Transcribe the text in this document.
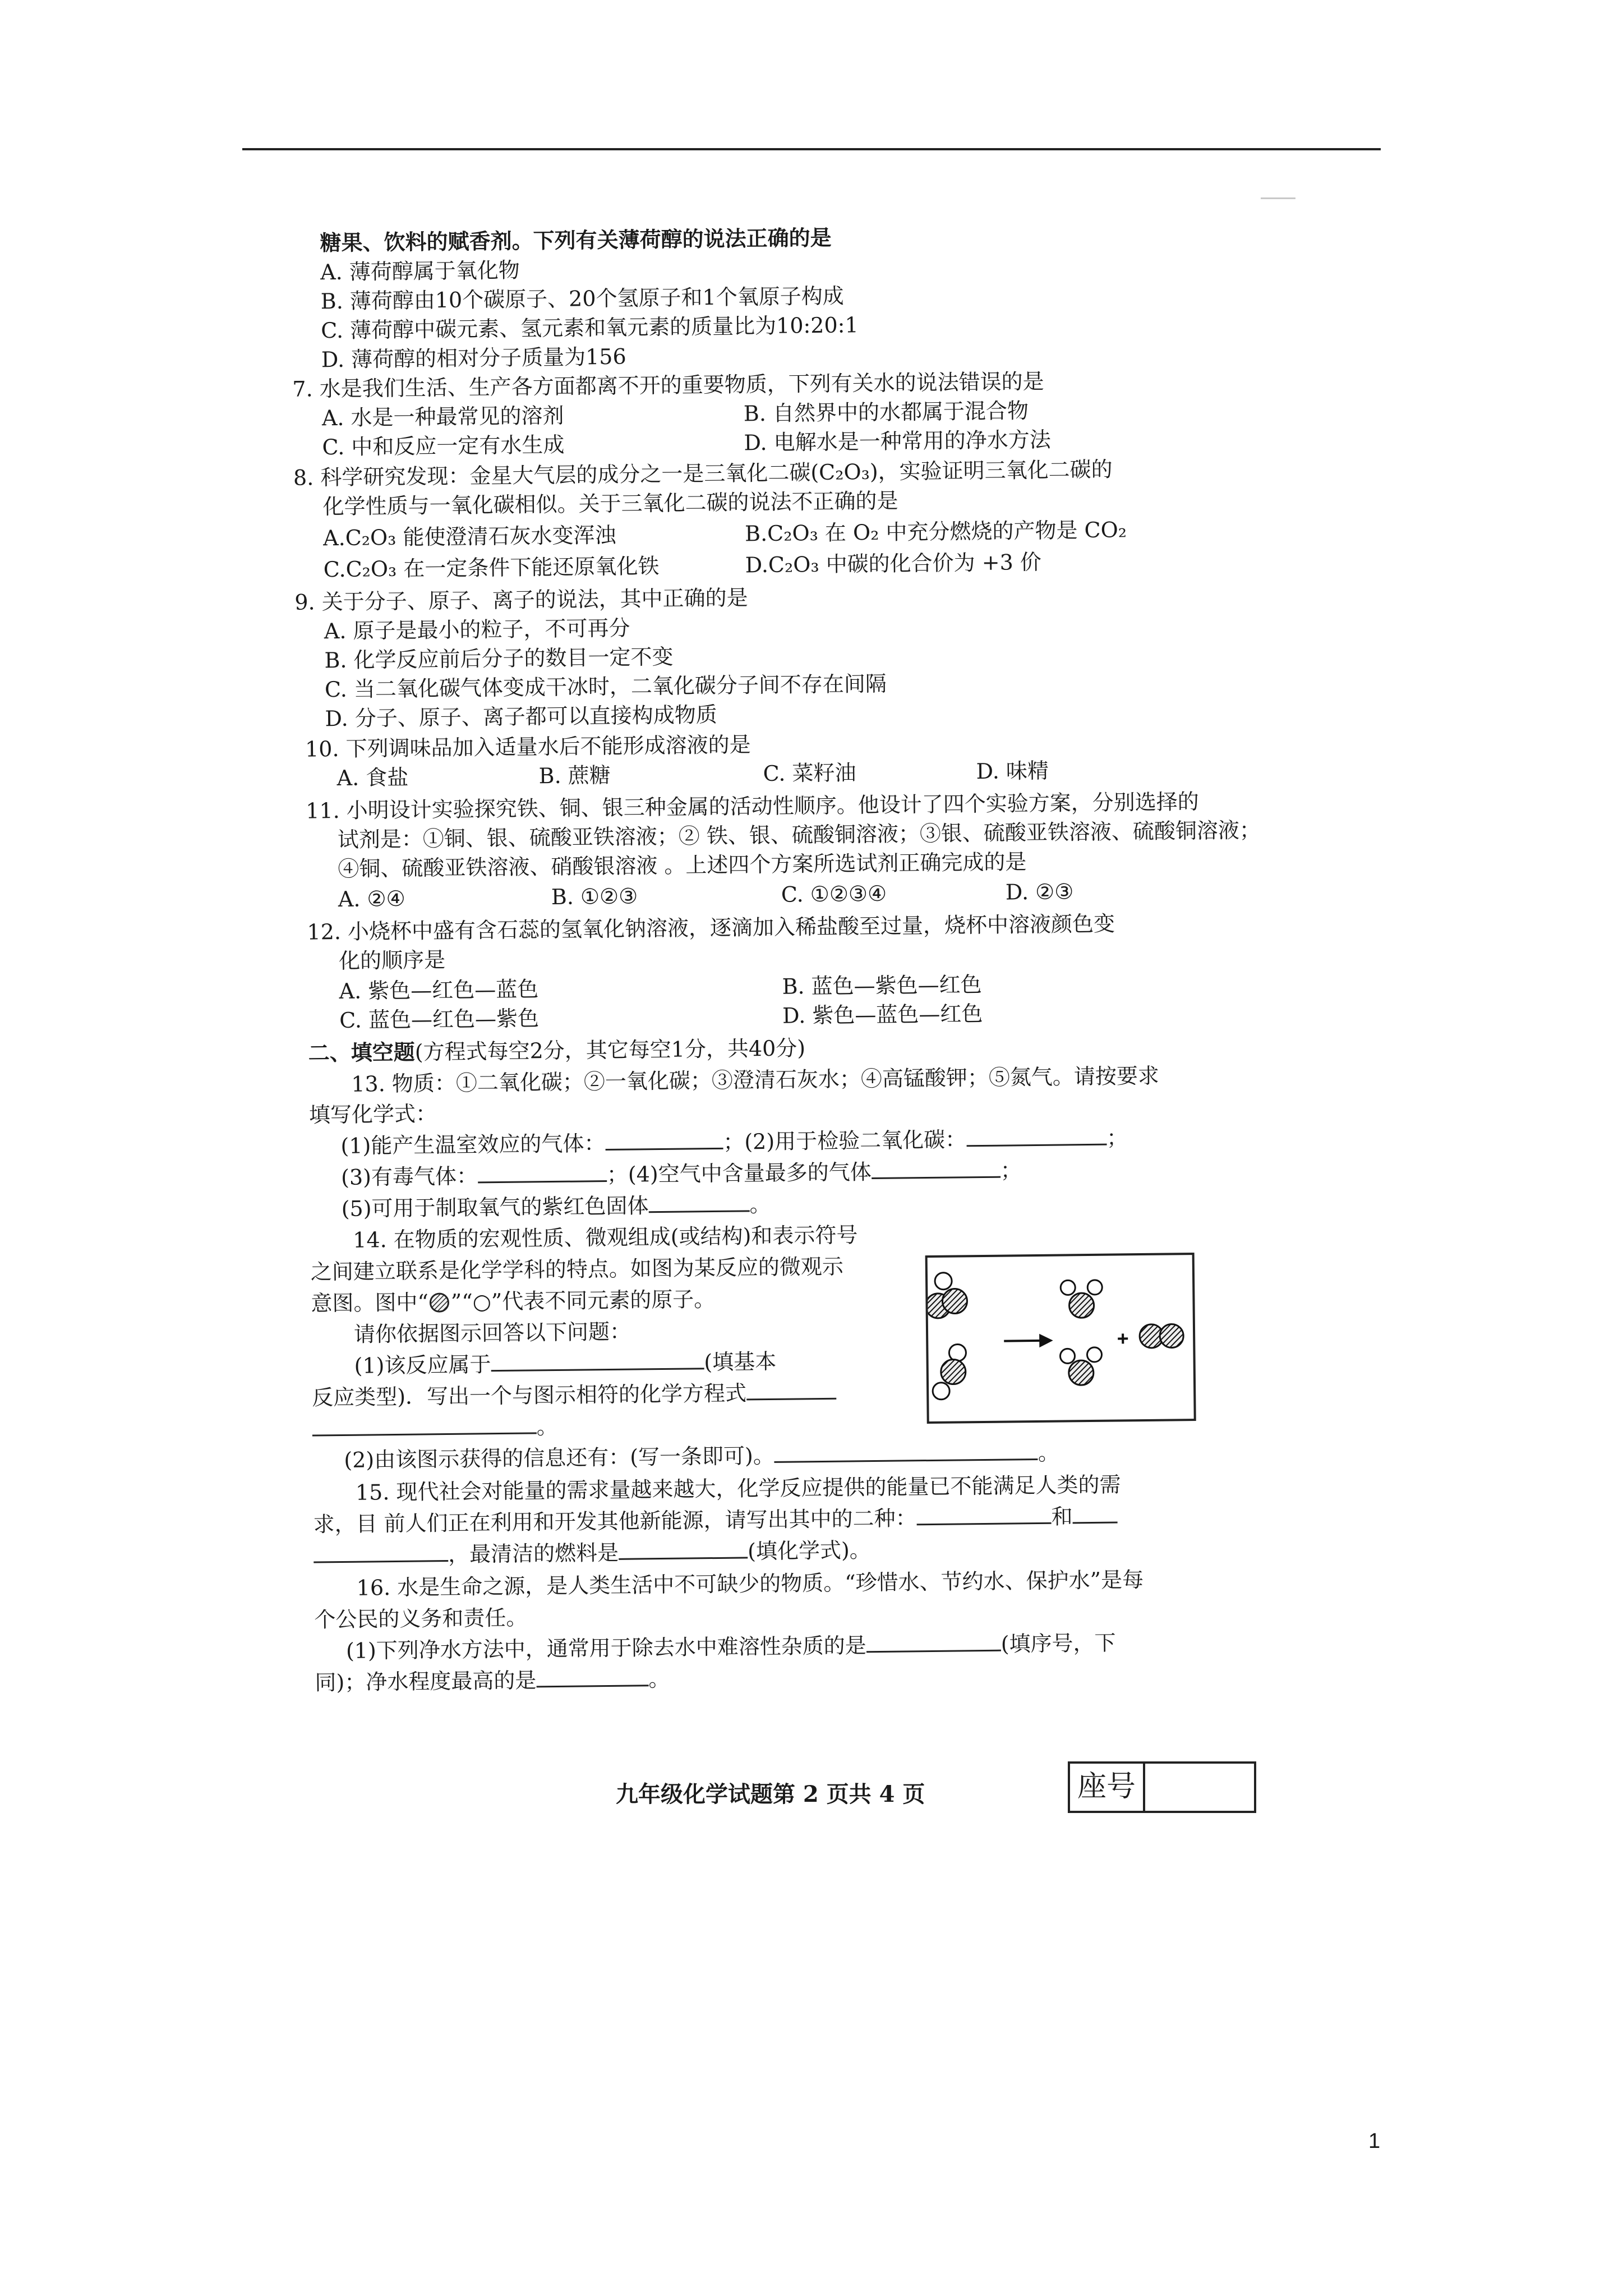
糖果、饮料的赋香剂。下列有关薄荷醇的说法正确的是
A. 薄荷醇属于氧化物
B. 薄荷醇由10个碳原子、20个氢原子和1个氧原子构成
C. 薄荷醇中碳元素、氢元素和氧元素的质量比为10:20:1
D. 薄荷醇的相对分子质量为156
7. 水是我们生活、生产各方面都离不开的重要物质，下列有关水的说法错误的是
A. 水是一种最常见的溶剂	B. 自然界中的水都属于混合物
C. 中和反应一定有水生成	D. 电解水是一种常用的净水方法
8. 科学研究发现：金星大气层的成分之一是三氧化二碳(C₂O₃)，实验证明三氧化二碳的
化学性质与一氧化碳相似。关于三氧化二碳的说法不正确的是
A.C₂O₃ 能使澄清石灰水变浑浊	B.C₂O₃ 在 O₂ 中充分燃烧的产物是 CO₂
C.C₂O₃ 在一定条件下能还原氧化铁	D.C₂O₃ 中碳的化合价为 +3 价
9. 关于分子、原子、离子的说法，其中正确的是
A. 原子是最小的粒子，不可再分
B. 化学反应前后分子的数目一定不变
C. 当二氧化碳气体变成干冰时，二氧化碳分子间不存在间隔
D. 分子、原子、离子都可以直接构成物质
10. 下列调味品加入适量水后不能形成溶液的是
A. 食盐	B. 蔗糖	C. 菜籽油	D. 味精
11. 小明设计实验探究铁、铜、银三种金属的活动性顺序。他设计了四个实验方案，分别选择的
试剂是：①铜、银、硫酸亚铁溶液；② 铁、银、硫酸铜溶液；③银、硫酸亚铁溶液、硫酸铜溶液；
④铜、硫酸亚铁溶液、硝酸银溶液 。上述四个方案所选试剂正确完成的是
A. ②④	B. ①②③	C. ①②③④	D. ②③
12. 小烧杯中盛有含石蕊的氢氧化钠溶液，逐滴加入稀盐酸至过量，烧杯中溶液颜色变
化的顺序是
A. 紫色—红色—蓝色	B. 蓝色—紫色—红色
C. 蓝色—红色—紫色	D. 紫色—蓝色—红色
二、填空题(方程式每空2分，其它每空1分，共40分)
13. 物质：①二氧化碳；②一氧化碳；③澄清石灰水；④高锰酸钾；⑤氮气。请按要求
填写化学式：
(1)能产生温室效应的气体：	；(2)用于检验二氧化碳：	；
(3)有毒气体：	；(4)空气中含量最多的气体	；
(5)可用于制取氧气的紫红色固体	。
14. 在物质的宏观性质、微观组成(或结构)和表示符号
之间建立联系是化学学科的特点。如图为某反应的微观示
意图。图中“ ”“○”代表不同元素的原子。
请你依据图示回答以下问题：
(1)该反应属于	(填基本
反应类型)．写出一个与图示相符的化学方程式
。
(2)由该图示获得的信息还有：(写一条即可)。	。
15. 现代社会对能量的需求量越来越大，化学反应提供的能量已不能满足人类的需
求，目 前人们正在利用和开发其他新能源，请写出其中的二种：	和
，最清洁的燃料是	(填化学式)。
16. 水是生命之源，是人类生活中不可缺少的物质。“珍惜水、节约水、保护水”是每
个公民的义务和责任。
(1)下列净水方法中，通常用于除去水中难溶性杂质的是	(填序号，下
同)；净水程度最高的是	。
九年级化学试题第 2 页共 4 页	座号
1
